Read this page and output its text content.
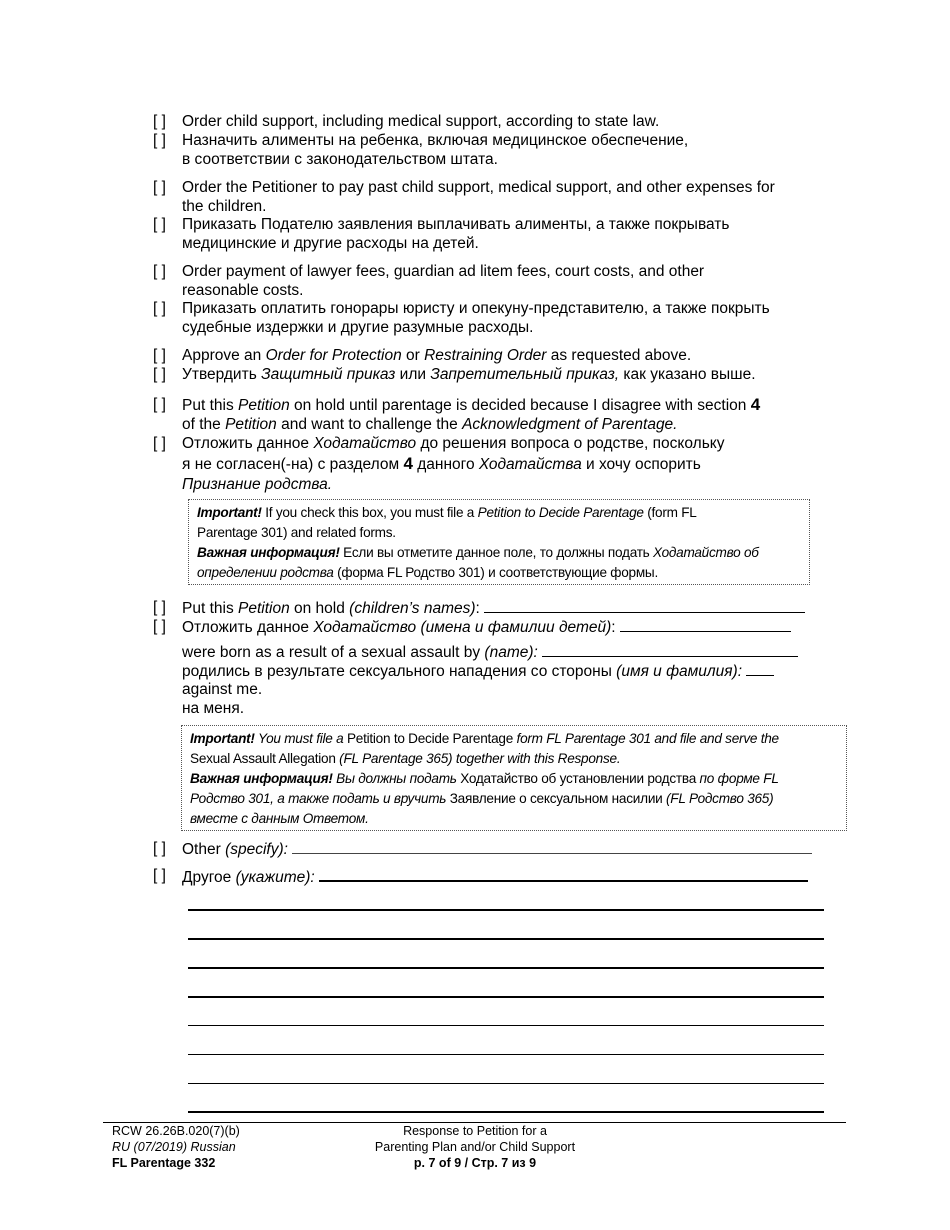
[ ] Order child support, including medical support, according to state law.
[ ] Назначить алименты на ребенка, включая медицинское обеспечение,
в соответствии с законодательством штата.
[ ] Order the Petitioner to pay past child support, medical support, and other expenses for
the children.
[ ] Приказать Подателю заявления выплачивать алименты, а также покрывать
медицинские и другие расходы на детей.
[ ] Order payment of lawyer fees, guardian ad litem fees, court costs, and other
reasonable costs.
[ ] Приказать оплатить гонорары юристу и опекуну-представителю, а также покрыть
судебные издержки и другие разумные расходы.
[ ] Approve an Order for Protection or Restraining Order as requested above.
[ ] Утвердить Защитный приказ или Запретительный приказ, как указано выше.
[ ] Put this Petition on hold until parentage is decided because I disagree with section 4
of the Petition and want to challenge the Acknowledgment of Parentage.
[ ] Отложить данное Ходатайство до решения вопроса о родстве, поскольку
я не согласен(-на) с разделом 4 данного Ходатайства и хочу оспорить
Признание родства.
Important! If you check this box, you must file a Petition to Decide Parentage (form FL
Parentage 301) and related forms.
Важная информация! Если вы отметите данное поле, то должны подать Ходатайство об
определении родства (форма FL Родство 301) и соответствующие формы.
[ ] Put this Petition on hold (children’s names):
[ ] Отложить данное Ходатайство (имена и фамилии детей):
were born as a result of a sexual assault by (name):
родились в результате сексуального нападения со стороны (имя и фамилия):
against me.
на меня.
Important! You must file a Petition to Decide Parentage form FL Parentage 301 and file and serve the
Sexual Assault Allegation (FL Parentage 365) together with this Response.
Важная информация! Вы должны подать Ходатайство об установлении родства по форме FL
Родство 301, а также подать и вручить Заявление о сексуальном насилии (FL Родство 365)
вместе с данным Ответом.
[ ] Other (specify):
[ ] Другое (укажите):
RCW 26.26B.020(7)(b)
RU (07/2019) Russian
FL Parentage 332
Response to Petition for a
Parenting Plan and/or Child Support
p. 7 of 9 / Стр. 7 из 9
